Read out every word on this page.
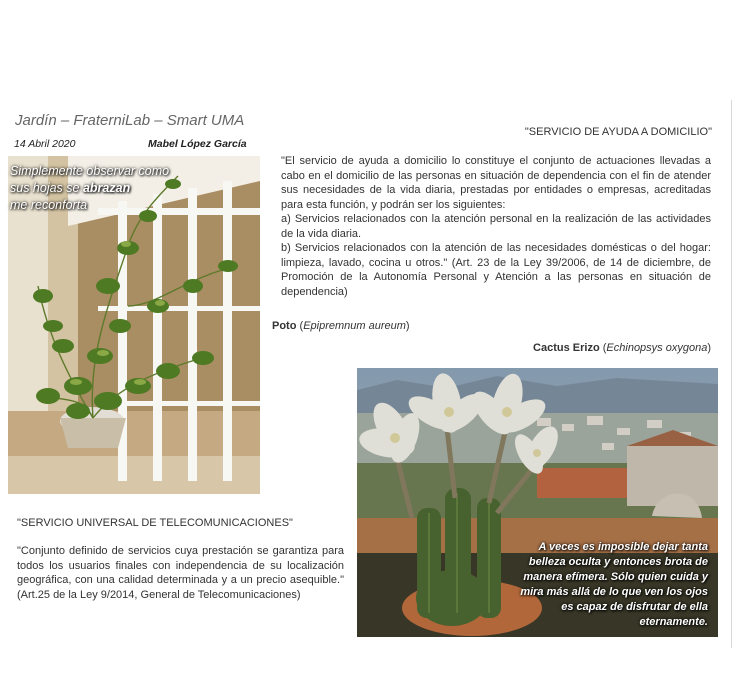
Jardín – FraterniLab – Smart UMA
14 Abril 2020	Mabel López García
Simplemente observar como
sus hojas se abrazan
me reconforta
"SERVICIO DE AYUDA A DOMICILIO"
"El servicio de ayuda a domicilio lo constituye el conjunto de actuaciones llevadas a cabo en el domicilio de las personas en situación de dependencia con el fin de atender sus necesidades de la vida diaria, prestadas por entidades o empresas, acreditadas para esta función, y podrán ser los siguientes:
a) Servicios relacionados con la atención personal en la realización de las actividades de la vida diaria.
b) Servicios relacionados con la atención de las necesidades domésticas o del hogar: limpieza, lavado, cocina u otros." (Art. 23 de la Ley 39/2006, de 14 de diciembre, de Promoción de la Autonomía Personal y Atención a las personas en situación de dependencia)
Poto (Epipremnum aureum)
Cactus Erizo (Echinopsys oxygona)
A veces es imposible dejar tanta belleza oculta y entonces brota de manera efímera. Sólo quien cuida y mira más allá de lo que ven los ojos es capaz de disfrutar de ella eternamente.
"SERVICIO UNIVERSAL DE TELECOMUNICACIONES"
"Conjunto definido de servicios cuya prestación se garantiza para todos los usuarios finales con independencia de su localización geográfica, con una calidad determinada y a un precio asequible." (Art.25 de la Ley 9/2014, General de Telecomunicaciones)
